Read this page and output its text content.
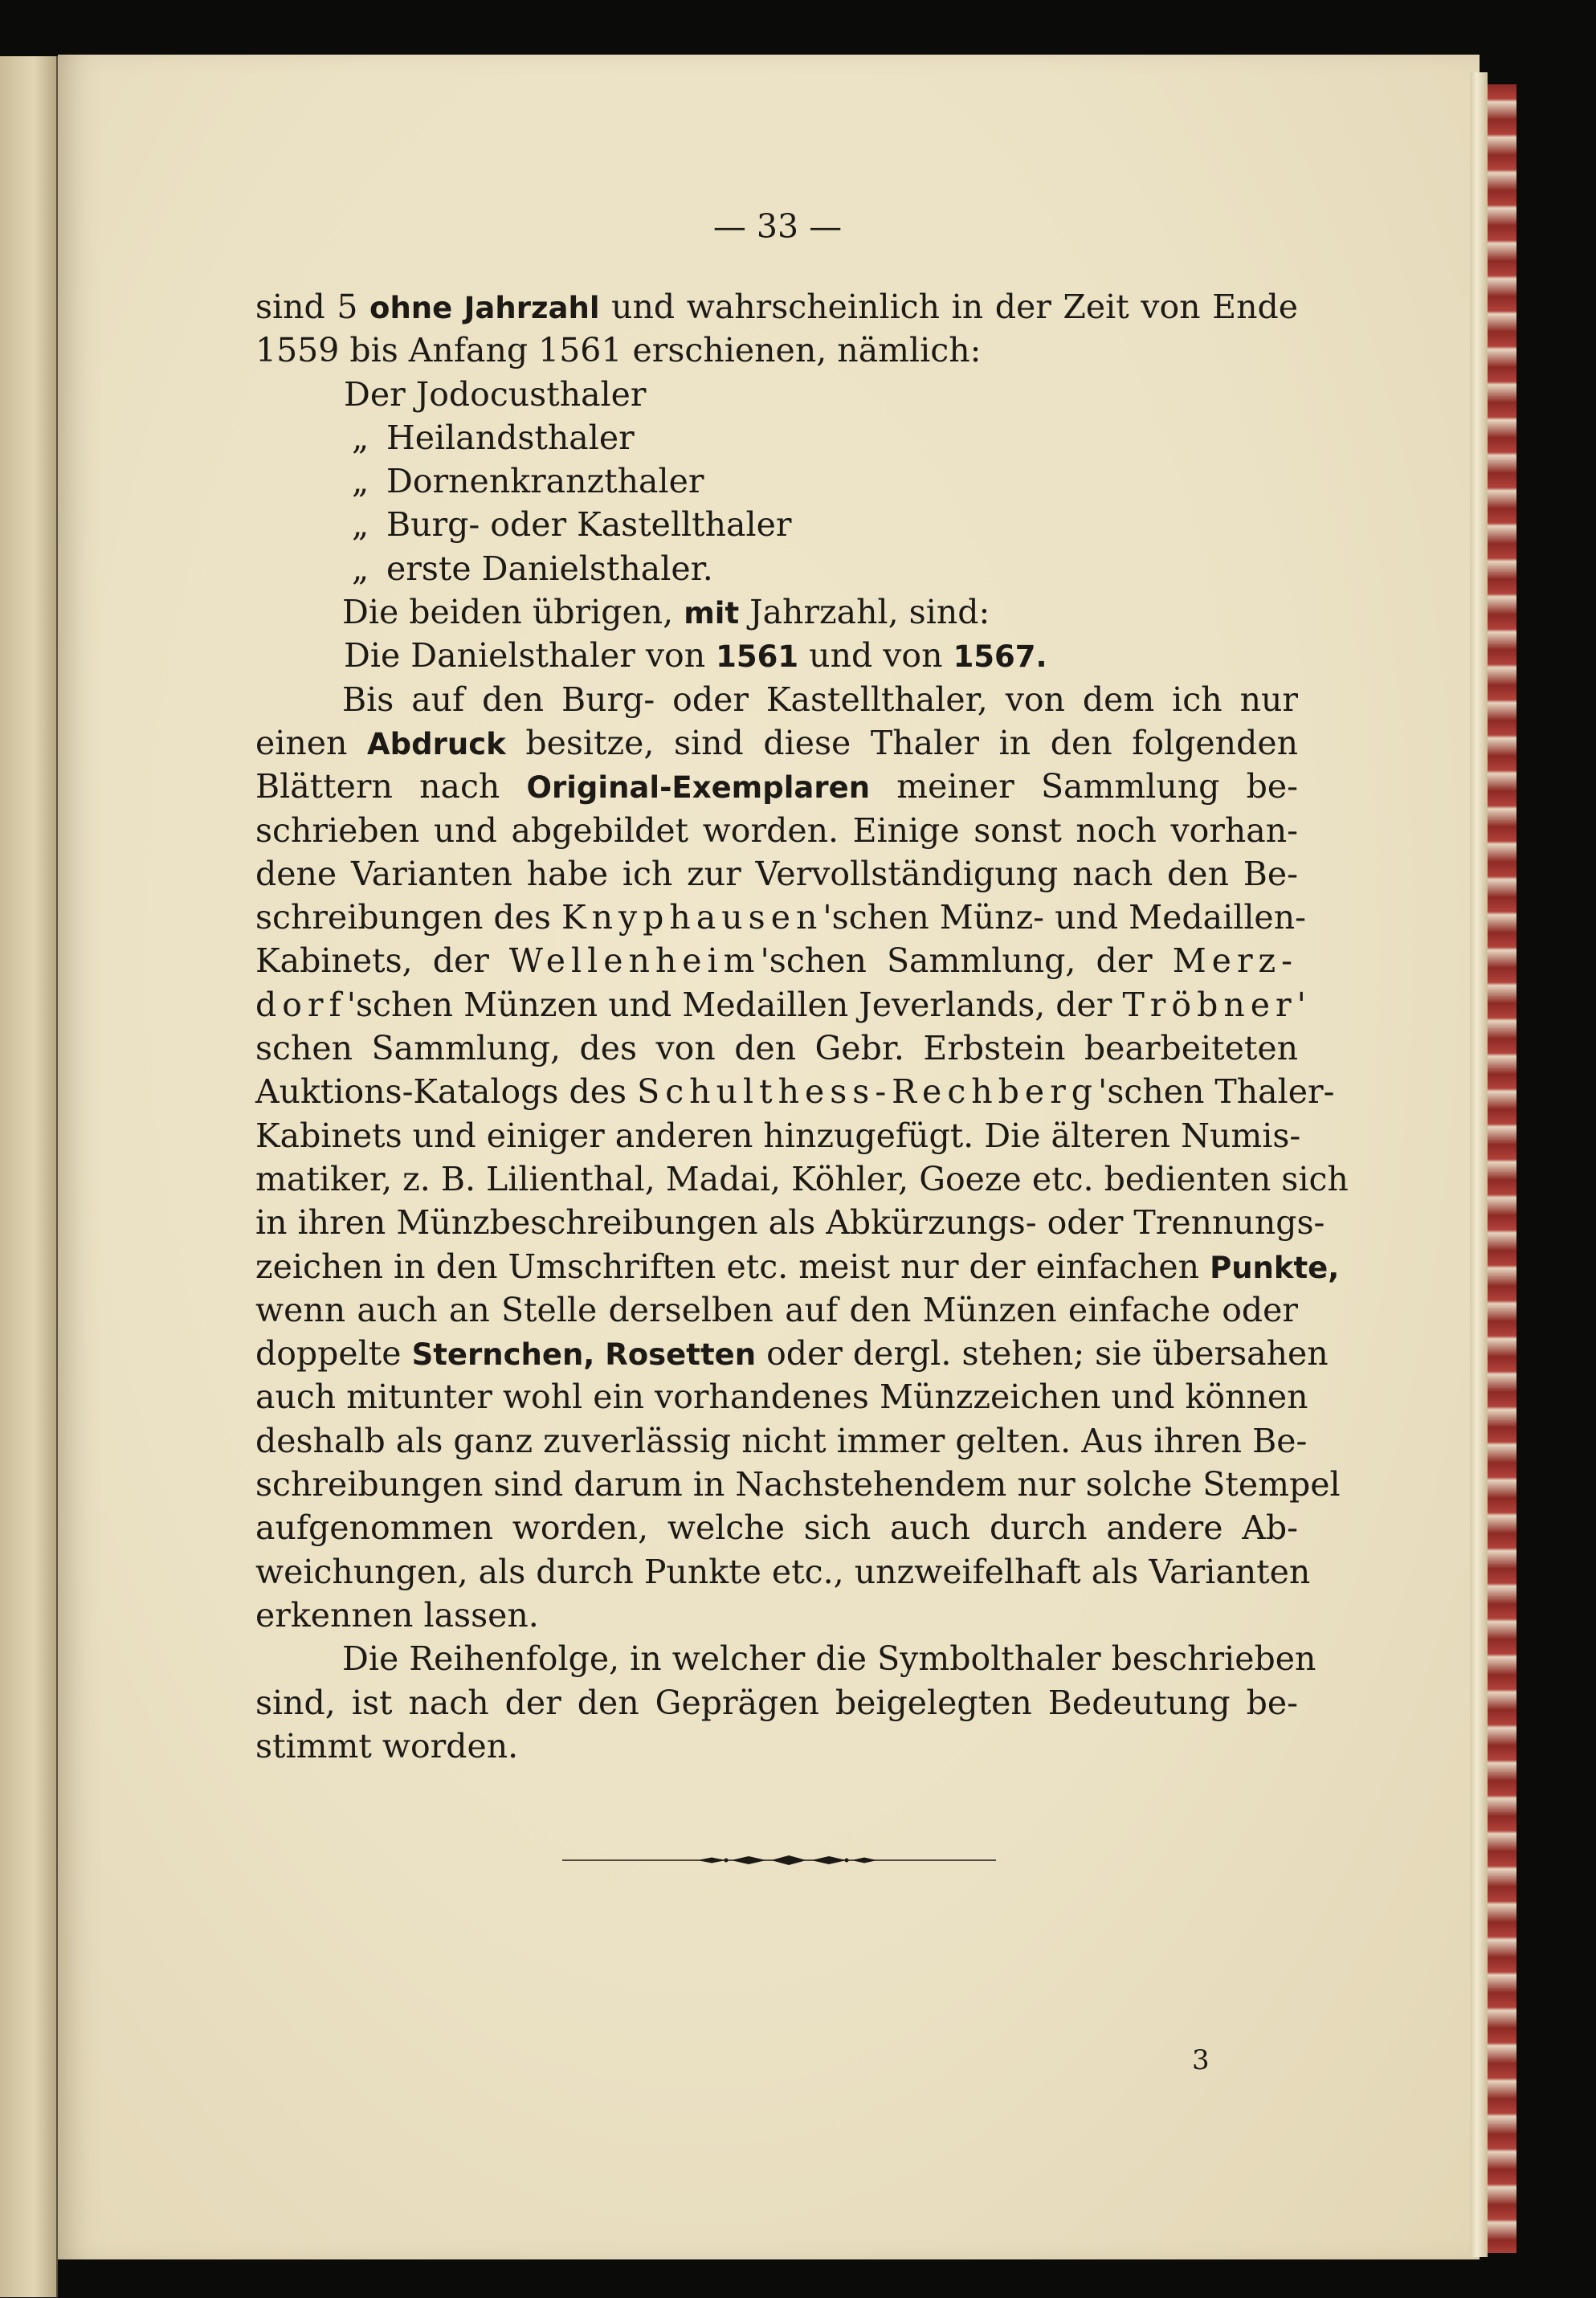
— 33 —
sind 5 ohne Jahrzahl und wahrscheinlich in der Zeit von Ende
1559 bis Anfang 1561 erschienen, nämlich:
Der Jodocusthaler
„ Heilandsthaler
„ Dornenkranzthaler
„ Burg- oder Kastellthaler
„ erste Danielsthaler.
Die beiden übrigen, mit Jahrzahl, sind:
Die Danielsthaler von 1561 und von 1567.
Bis auf den Burg- oder Kastellthaler, von dem ich nur
einen Abdruck besitze, sind diese Thaler in den folgenden
Blättern nach Original-Exemplaren meiner Sammlung be-
schrieben und abgebildet worden. Einige sonst noch vorhan-
dene Varianten habe ich zur Vervollständigung nach den Be-
schreibungen des Knyphausen'schen Münz- und Medaillen-
Kabinets, der Wellenheim'schen Sammlung, der Merz-
dorf'schen Münzen und Medaillen Jeverlands, der Tröbner'
schen Sammlung, des von den Gebr. Erbstein bearbeiteten
Auktions-Katalogs des Schulthess-Rechberg'schen Thaler-
Kabinets und einiger anderen hinzugefügt. Die älteren Numis-
matiker, z. B. Lilienthal, Madai, Köhler, Goeze etc. bedienten sich
in ihren Münzbeschreibungen als Abkürzungs- oder Trennungs-
zeichen in den Umschriften etc. meist nur der einfachen Punkte,
wenn auch an Stelle derselben auf den Münzen einfache oder
doppelte Sternchen, Rosetten oder dergl. stehen; sie übersahen
auch mitunter wohl ein vorhandenes Münzzeichen und können
deshalb als ganz zuverlässig nicht immer gelten. Aus ihren Be-
schreibungen sind darum in Nachstehendem nur solche Stempel
aufgenommen worden, welche sich auch durch andere Ab-
weichungen, als durch Punkte etc., unzweifelhaft als Varianten
erkennen lassen.
Die Reihenfolge, in welcher die Symbolthaler beschrieben
sind, ist nach der den Geprägen beigelegten Bedeutung be-
stimmt worden.
3
